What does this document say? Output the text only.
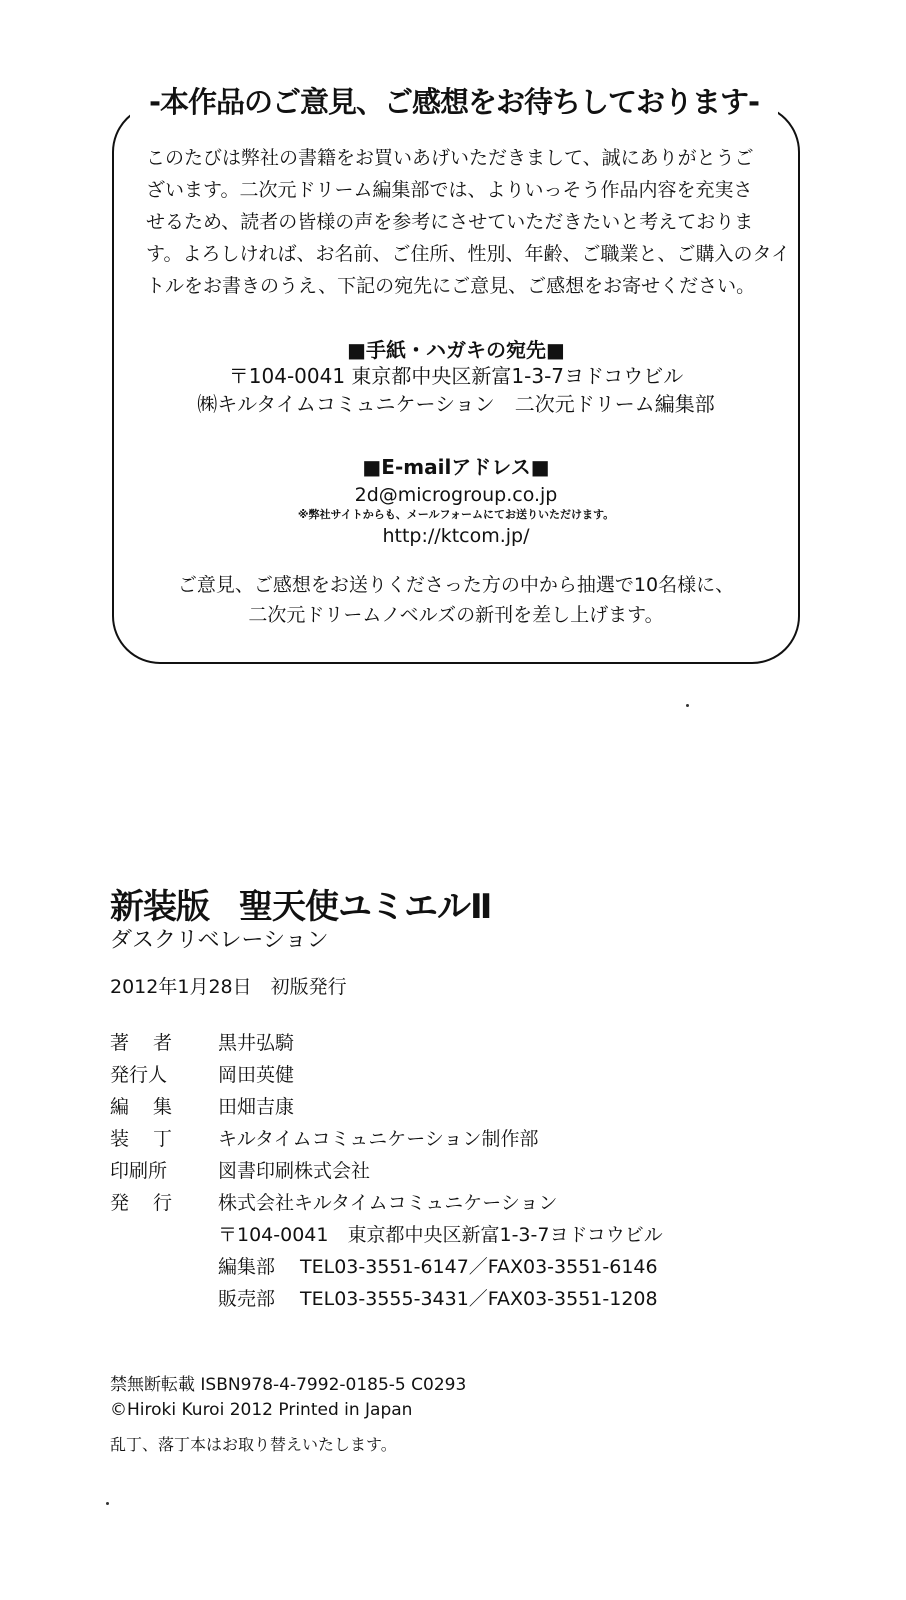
-本作品のご意見、ご感想をお待ちしております-

このたびは弊社の書籍をお買いあげいただきまして、誠にありがとうご
ざいます。二次元ドリーム編集部では、よりいっそう作品内容を充実さ
せるため、読者の皆様の声を参考にさせていただきたいと考えておりま
す。よろしければ、お名前、ご住所、性別、年齢、ご職業と、ご購入のタイ
トルをお書きのうえ、下記の宛先にご意見、ご感想をお寄せください。

■手紙・ハガキの宛先■
〒104-0041 東京都中央区新富1-3-7ヨドコウビル
㈱キルタイムコミュニケーション　二次元ドリーム編集部
■E-mailアドレス■
2d@microgroup.co.jp
※弊社サイトからも、メールフォームにてお送りいただけます。
http://ktcom.jp/
ご意見、ご感想をお送りくださった方の中から抽選で10名様に、
二次元ドリームノベルズの新刊を差し上げます。
新装版 聖天使ユミエルⅡ
ダスクリベレーション
2012年1月28日　初版発行
著 者 黒井弘騎
発行人	岡田英健
編 集 田畑吉康
装 丁 キルタイムコミュニケーション制作部
印刷所	図書印刷株式会社
発 行 株式会社キルタイムコミュニケーション
〒104-0041　東京都中央区新富1-3-7ヨドコウビル
編集部 TEL03-3551-6147／FAX03-3551-6146
販売部 TEL03-3555-3431／FAX03-3551-1208
禁無断転載 ISBN978-4-7992-0185-5 C0293
©Hiroki Kuroi 2012 Printed in Japan
乱丁、落丁本はお取り替えいたします。
